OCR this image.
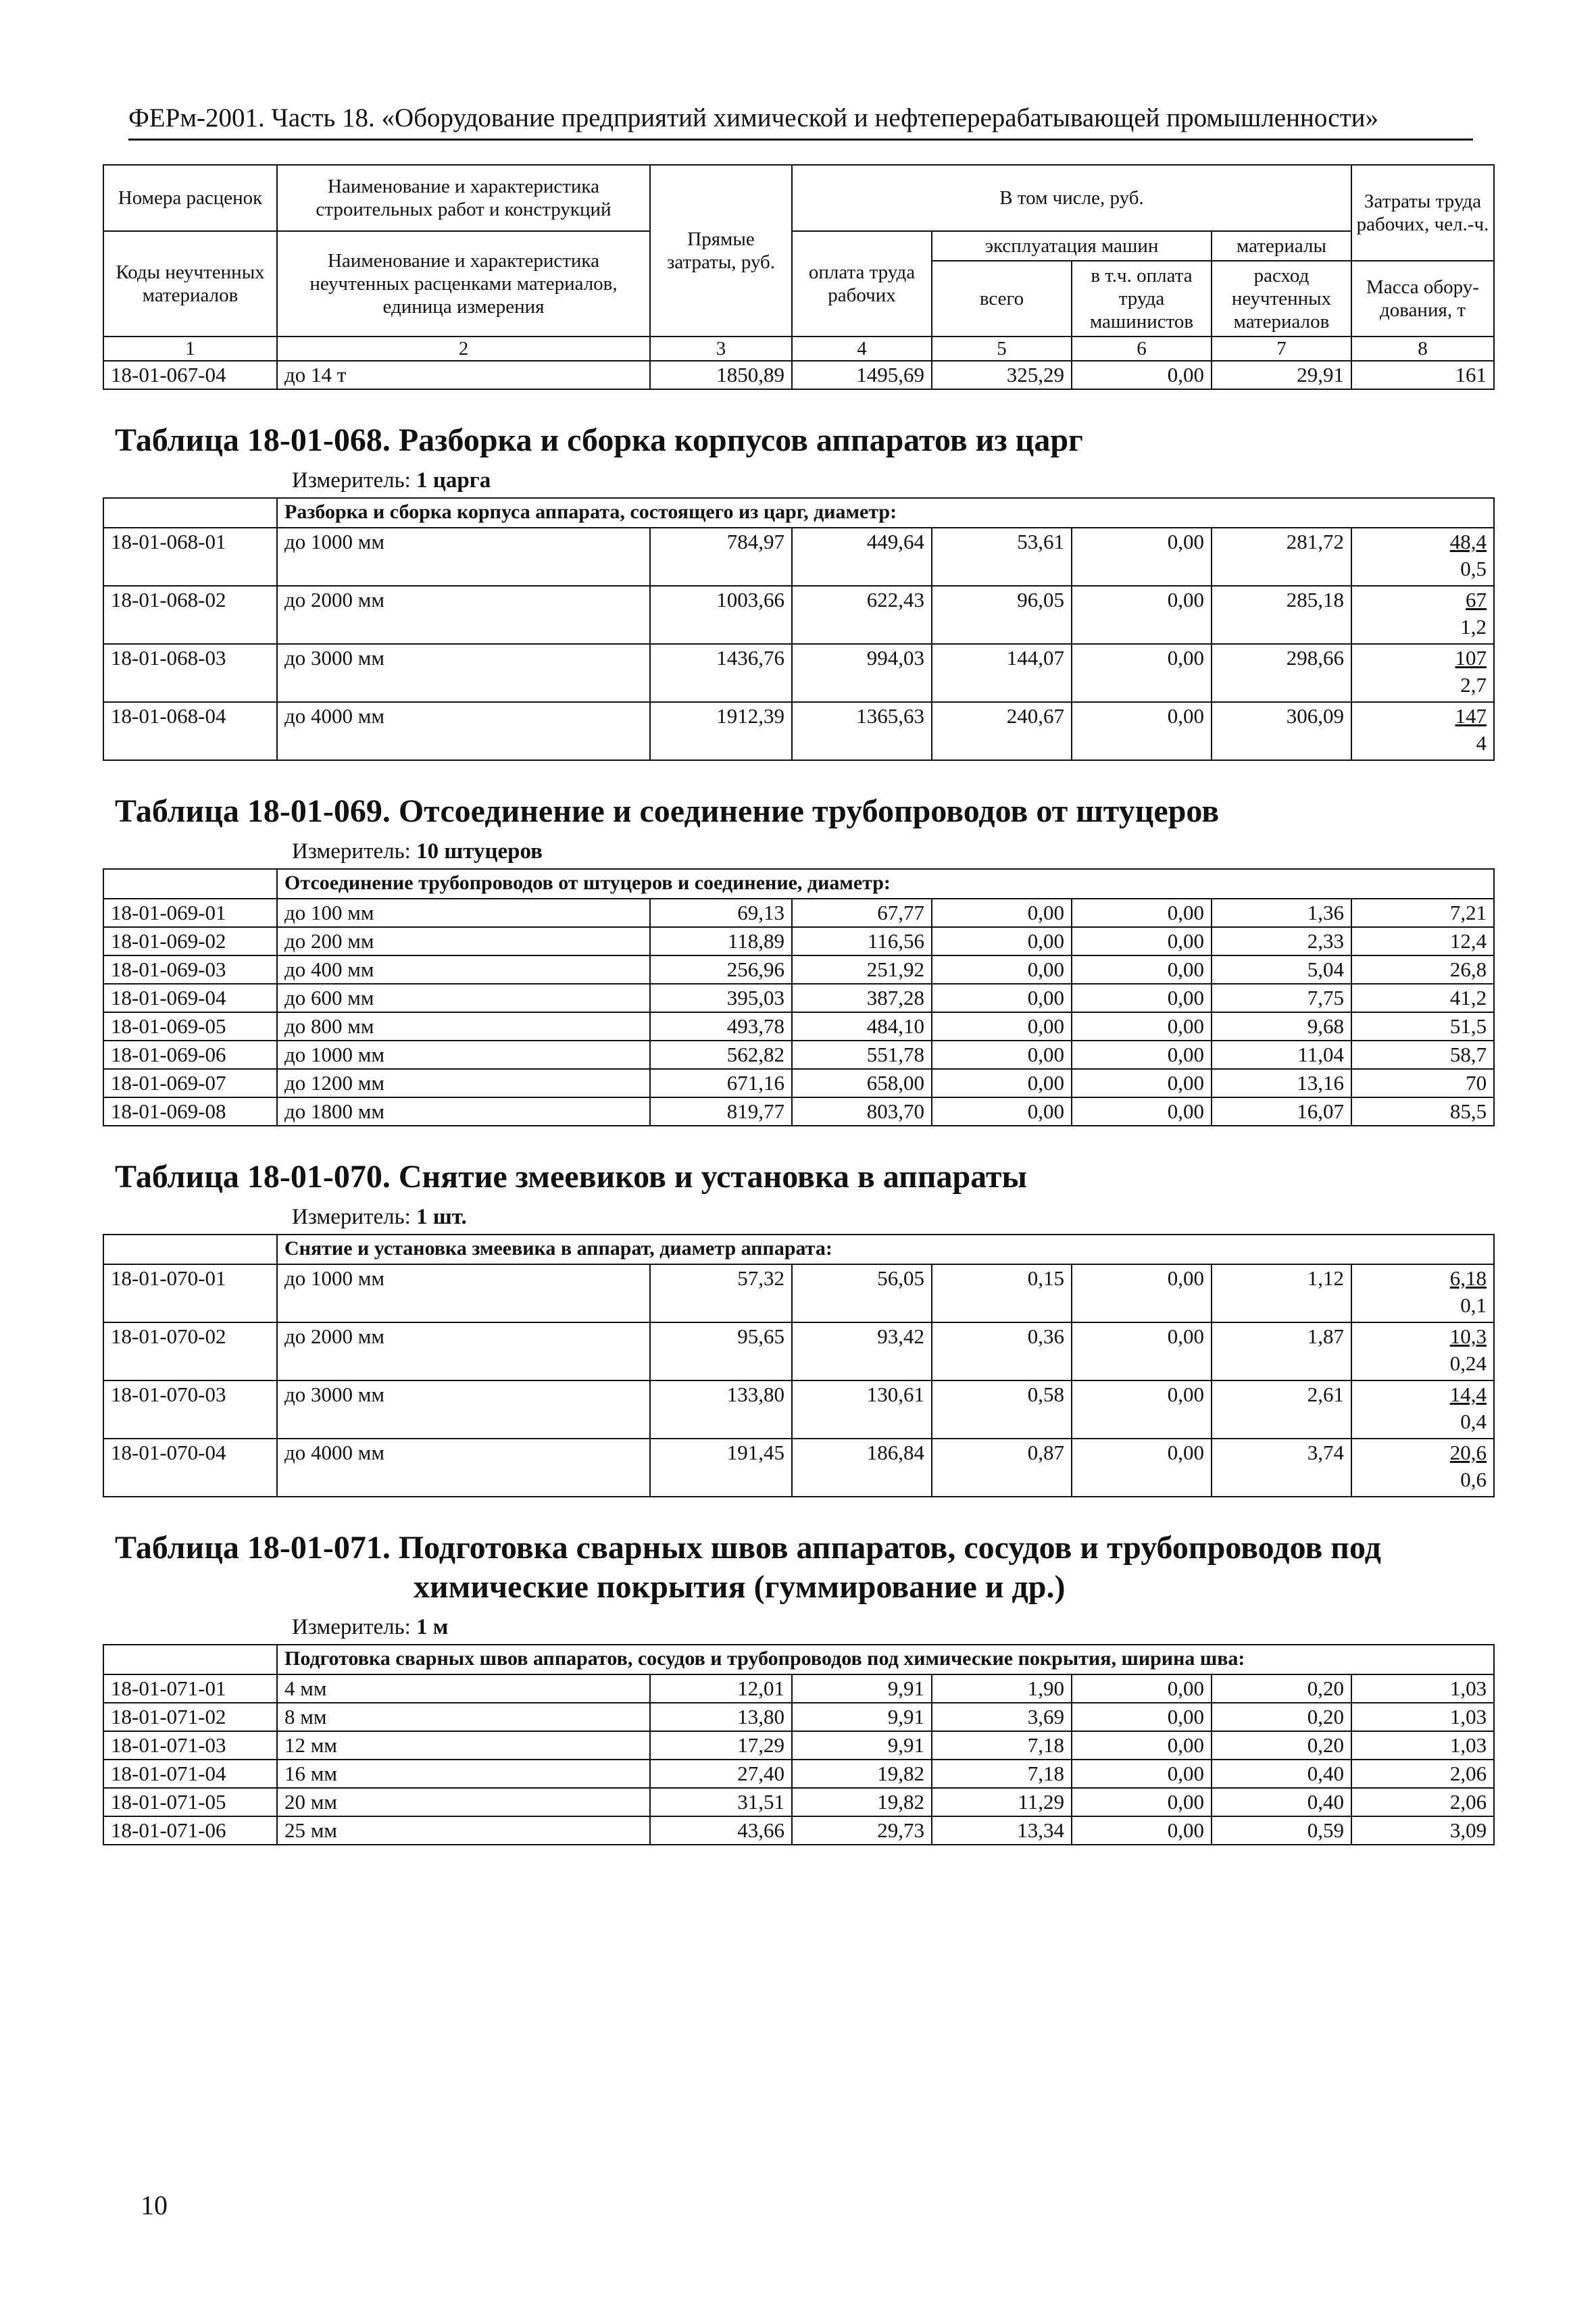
ФЕРм-2001. Часть 18. «Оборудование предприятий химической и нефтеперерабатывающей промышленности»
Номера расценок	Наименование и характеристика строительных работ и конструкций	Прямые затраты, руб.	В том числе, руб.				Затраты труда рабочих, чел.-ч.
Коды неучтенных материалов	Наименование и характеристика неучтенных расценками материалов, единица измерения		оплата труда рабочих	эксплуатация машин		материалы	
				всего	в т.ч. оплата труда машинистов	расход неучтенных материалов	
							Масса обору-дования, т
1	2	3	4	5	6	7	8
18-01-067-04	до 14 т	1850,89	1495,69	325,29	0,00	29,91	161
Таблица 18-01-068. Разборка и сборка корпусов аппаратов из царг
Измеритель: 1 царга
	Разборка и сборка корпуса аппарата, состоящего из царг, диаметр:						
18-01-068-01	до 1000 мм	784,97	449,64	53,61	0,00	281,72	48,4
0,5

18-01-068-02	до 2000 мм	1003,66	622,43	96,05	0,00	285,18	67
1,2

18-01-068-03	до 3000 мм	1436,76	994,03	144,07	0,00	298,66	107
2,7

18-01-068-04	до 4000 мм	1912,39	1365,63	240,67	0,00	306,09	147
4
Таблица 18-01-069. Отсоединение и соединение трубопроводов от штуцеров
Измеритель: 10 штуцеров
	Отсоединение трубопроводов от штуцеров и соединение, диаметр:						
18-01-069-01	до 100 мм	69,13	67,77	0,00	0,00	1,36	7,21
18-01-069-02	до 200 мм	118,89	116,56	0,00	0,00	2,33	12,4
18-01-069-03	до 400 мм	256,96	251,92	0,00	0,00	5,04	26,8
18-01-069-04	до 600 мм	395,03	387,28	0,00	0,00	7,75	41,2
18-01-069-05	до 800 мм	493,78	484,10	0,00	0,00	9,68	51,5
18-01-069-06	до 1000 мм	562,82	551,78	0,00	0,00	11,04	58,7
18-01-069-07	до 1200 мм	671,16	658,00	0,00	0,00	13,16	70
18-01-069-08	до 1800 мм	819,77	803,70	0,00	0,00	16,07	85,5
Таблица 18-01-070. Снятие змеевиков и установка в аппараты
Измеритель: 1 шт.
	Снятие и установка змеевика в аппарат, диаметр аппарата:						
18-01-070-01	до 1000 мм	57,32	56,05	0,15	0,00	1,12	6,18
0,1

18-01-070-02	до 2000 мм	95,65	93,42	0,36	0,00	1,87	10,3
0,24

18-01-070-03	до 3000 мм	133,80	130,61	0,58	0,00	2,61	14,4
0,4

18-01-070-04	до 4000 мм	191,45	186,84	0,87	0,00	3,74	20,6
0,6
Таблица 18-01-071. Подготовка сварных швов аппаратов, сосудов и трубопроводов под
химические покрытия (гуммирование и др.)
Измеритель: 1 м
	Подготовка сварных швов аппаратов, сосудов и трубопроводов под химические покрытия, ширина шва:						
18-01-071-01	4 мм	12,01	9,91	1,90	0,00	0,20	1,03
18-01-071-02	8 мм	13,80	9,91	3,69	0,00	0,20	1,03
18-01-071-03	12 мм	17,29	9,91	7,18	0,00	0,20	1,03
18-01-071-04	16 мм	27,40	19,82	7,18	0,00	0,40	2,06
18-01-071-05	20 мм	31,51	19,82	11,29	0,00	0,40	2,06
18-01-071-06	25 мм	43,66	29,73	13,34	0,00	0,59	3,09
10
